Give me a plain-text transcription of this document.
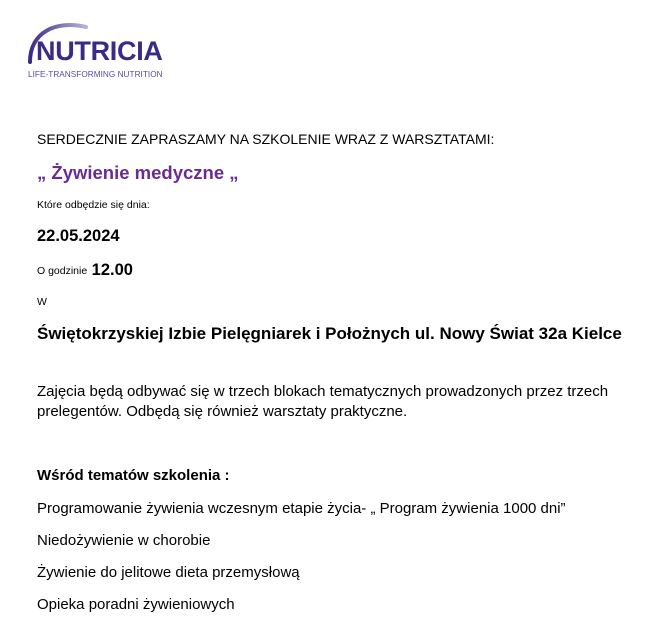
NUTRICIA
LIFE-TRANSFORMING NUTRITION
SERDECZNIE ZAPRASZAMY NA SZKOLENIE WRAZ Z WARSZTATAMI:
„ Żywienie medyczne „
Które odbędzie się dnia:
22.05.2024
O godzinie 12.00
W
Świętokrzyskiej Izbie Pielęgniarek i Położnych ul. Nowy Świat 32a Kielce
Zajęcia będą odbywać się w trzech blokach tematycznych prowadzonych przez trzech prelegentów. Odbędą się również warsztaty praktyczne.
Wśród tematów szkolenia :
Programowanie żywienia wczesnym etapie życia- „ Program żywienia 1000 dni”
Niedożywienie w chorobie
Żywienie do jelitowe dieta przemysłową
Opieka poradni żywieniowych
